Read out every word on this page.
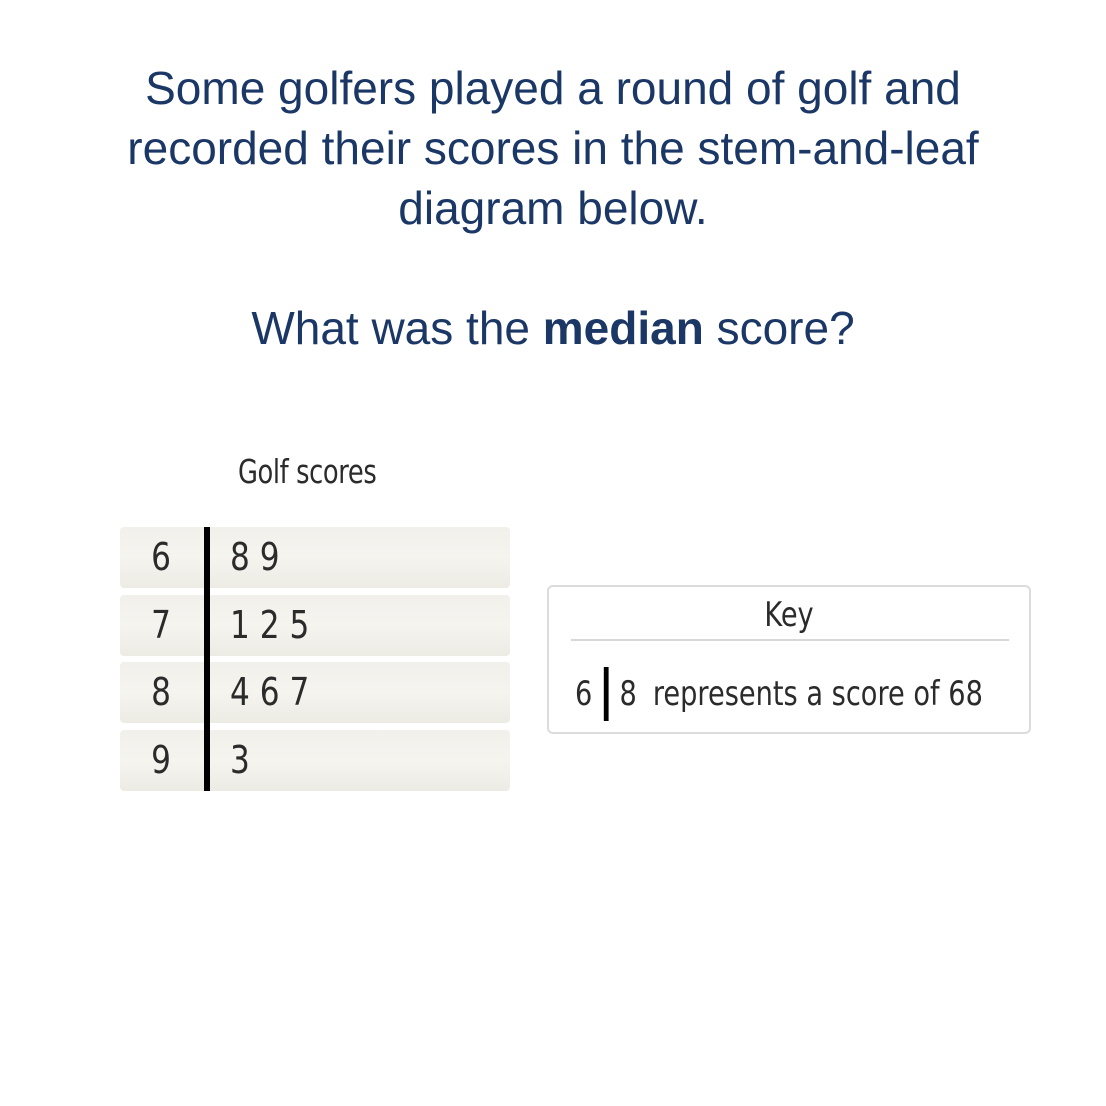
Some golfers played a round of golf and
recorded their scores in the stem-and-leaf
diagram below.
What was the median score?
Golf scores
6	8 9
7	1 2 5
8	4 6 7
9	3
Key
6 8 represents a score of 68
